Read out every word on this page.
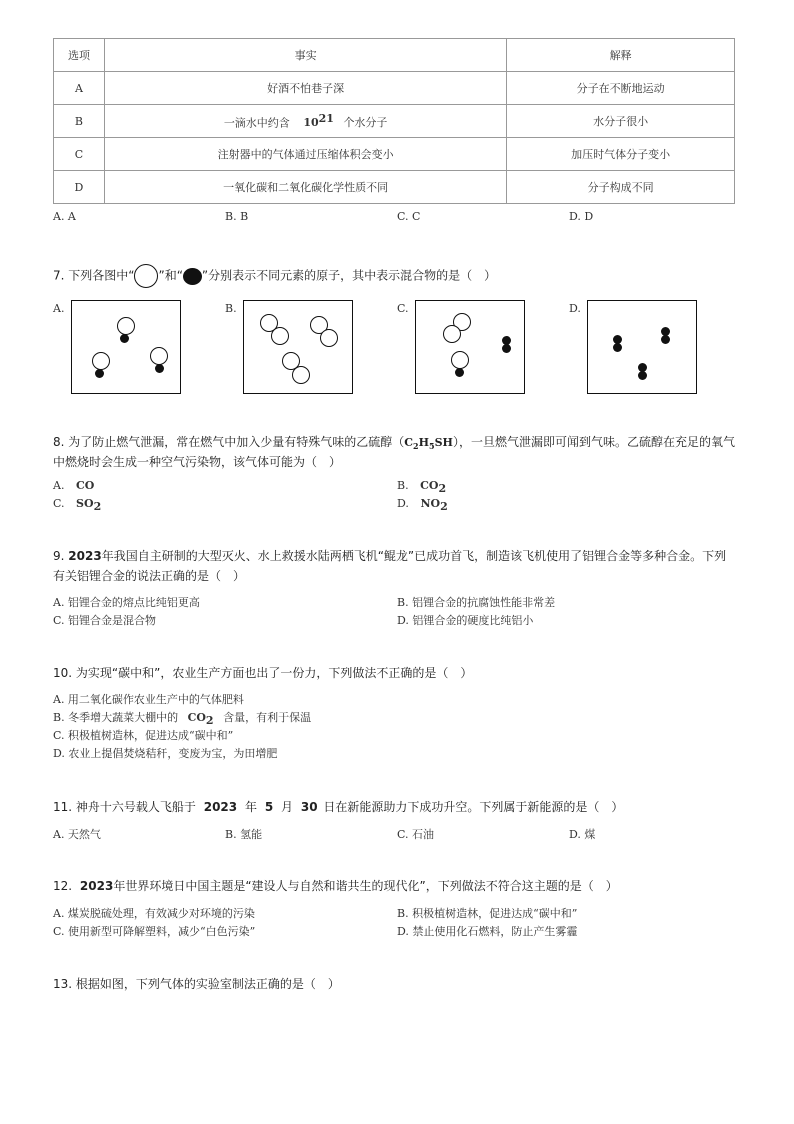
选项	事实	解释
A	好酒不怕巷子深	分子在不断地运动
B	一滴水中约含 $10^{21}$ 个水分子	水分子很小
C	注射器中的气体通过压缩体积会变小	加压时气体分子变小
D	一氧化碳和二氧化碳化学性质不同	分子构成不同
A. A	B. B	C. C	D. D
7. 下列各图中“ ”和“ ”分别表示不同元素的原子，其中表示混合物的是（　）
A.	B.	C.	D.
8. 为了防止燃气泄漏，常在燃气中加入少量有特殊气味的乙硫醇$(C_2H_5SH)$，一旦燃气泄漏即可闻到气味。乙硫醇在充足的氧气
中燃烧时会生成一种空气污染物，该气体可能为（　）
A. CO	B. $CO_2$
C. $SO_2$	D. $NO_2$
9. 2023年我国自主研制的大型灭火、水上救援水陆两栖飞机“鲲龙”已成功首飞，制造该飞机使用了铝锂合金等多种合金。下列
有关铝锂合金的说法正确的是（　）
A. 铝锂合金的熔点比纯铝更高	B. 铝锂合金的抗腐蚀性能非常差
C. 铝锂合金是混合物	D. 铝锂合金的硬度比纯铝小
10. 为实现“碳中和”，农业生产方面也出了一份力，下列做法不正确的是（　）
A. 用二氧化碳作农业生产中的气体肥料
B. 冬季增大蔬菜大棚中的 $CO_2$ 含量，有利于保温
C. 积极植树造林，促进达成“碳中和”
D. 农业上提倡焚烧秸秆，变废为宝，为田增肥
11. 神舟十六号载人飞船于 2023 年 5 月 30 日在新能源助力下成功升空。下列属于新能源的是（　）
A. 天然气	B. 氢能	C. 石油	D. 煤
12. 2023年世界环境日中国主题是“建设人与自然和谐共生的现代化”，下列做法不符合这主题的是（　）
A. 煤炭脱硫处理，有效减少对环境的污染	B. 积极植树造林，促进达成“碳中和”
C. 使用新型可降解塑料，减少“白色污染”	D. 禁止使用化石燃料，防止产生雾霾
13. 根据如图，下列气体的实验室制法正确的是（　）
